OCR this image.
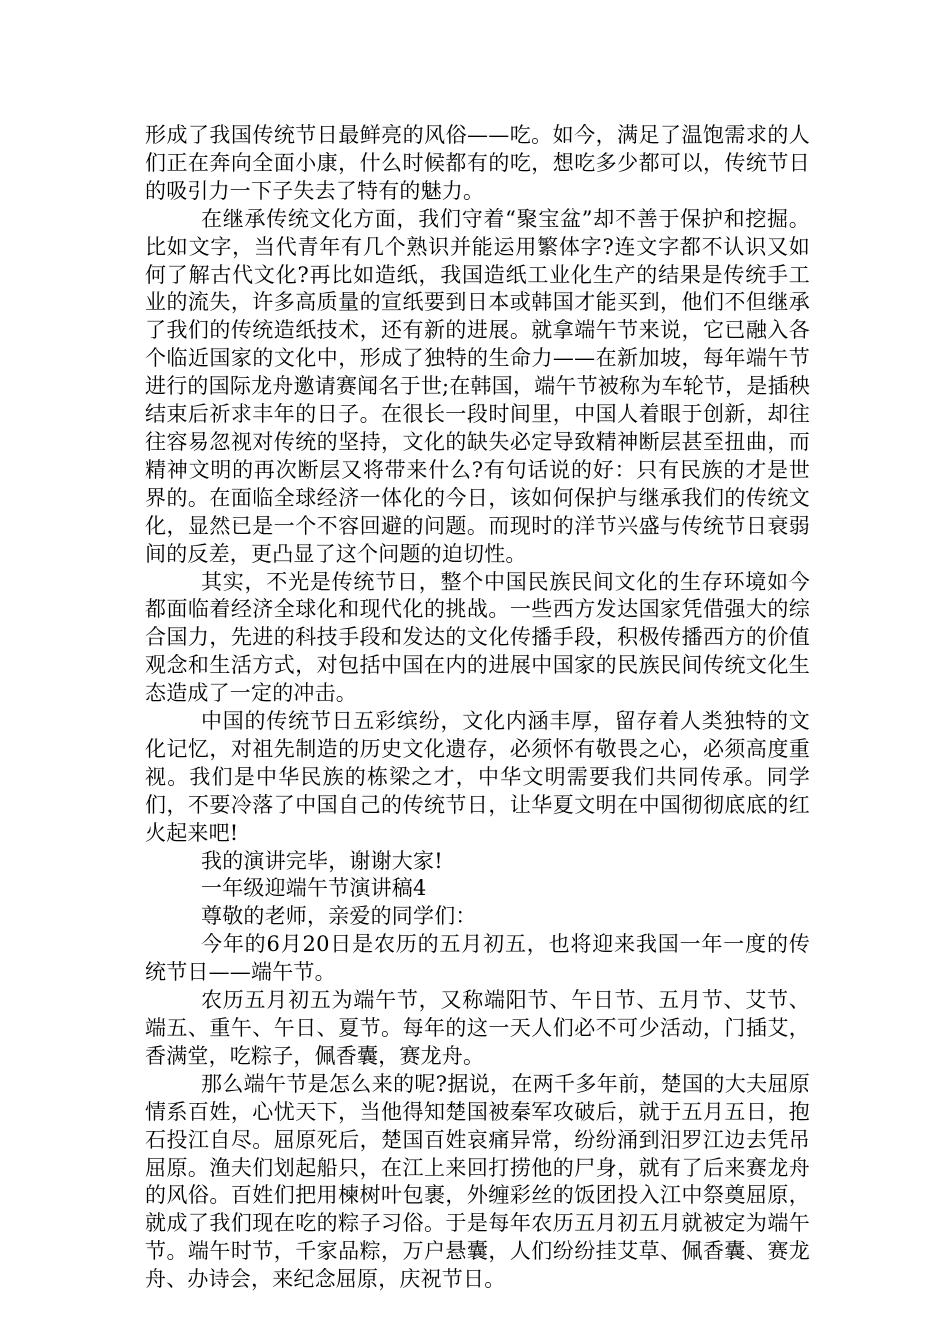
形成了我国传统节日最鲜亮的风俗——吃。如今，满足了温饱需求的人们正在奔向全面小康，什么时候都有的吃，想吃多少都可以，传统节日的吸引力一下子失去了特有的魅力。

在继承传统文化方面，我们守着“聚宝盆”却不善于保护和挖掘。比如文字，当代青年有几个熟识并能运用繁体字?连文字都不认识又如何了解古代文化?再比如造纸，我国造纸工业化生产的结果是传统手工业的流失，许多高质量的宣纸要到日本或韩国才能买到，他们不但继承了我们的传统造纸技术，还有新的进展。就拿端午节来说，它已融入各个临近国家的文化中，形成了独特的生命力——在新加坡，每年端午节进行的国际龙舟邀请赛闻名于世;在韩国，端午节被称为车轮节，是插秧结束后祈求丰年的日子。在很长一段时间里，中国人着眼于创新，却往往容易忽视对传统的坚持，文化的缺失必定导致精神断层甚至扭曲，而精神文明的再次断层又将带来什么?有句话说的好：只有民族的才是世界的。在面临全球经济一体化的今日，该如何保护与继承我们的传统文化，显然已是一个不容回避的问题。而现时的洋节兴盛与传统节日衰弱间的反差，更凸显了这个问题的迫切性。

其实，不光是传统节日，整个中国民族民间文化的生存环境如今都面临着经济全球化和现代化的挑战。一些西方发达国家凭借强大的综合国力，先进的科技手段和发达的文化传播手段，积极传播西方的价值观念和生活方式，对包括中国在内的进展中国家的民族民间传统文化生态造成了一定的冲击。

中国的传统节日五彩缤纷，文化内涵丰厚，留存着人类独特的文化记忆，对祖先制造的历史文化遗存，必须怀有敬畏之心，必须高度重视。我们是中华民族的栋梁之才，中华文明需要我们共同传承。同学们，不要冷落了中国自己的传统节日，让华夏文明在中国彻彻底底的红火起来吧!

我的演讲完毕，谢谢大家!

一年级迎端午节演讲稿4

尊敬的老师，亲爱的同学们：

今年的6月20日是农历的五月初五，也将迎来我国一年一度的传统节日——端午节。

农历五月初五为端午节，又称端阳节、午日节、五月节、艾节、端五、重午、午日、夏节。每年的这一天人们必不可少活动，门插艾，香满堂，吃粽子，佩香囊，赛龙舟。

那么端午节是怎么来的呢?据说，在两千多年前，楚国的大夫屈原情系百姓，心忧天下，当他得知楚国被秦军攻破后，就于五月五日，抱石投江自尽。屈原死后，楚国百姓哀痛异常，纷纷涌到汨罗江边去凭吊屈原。渔夫们划起船只，在江上来回打捞他的尸身，就有了后来赛龙舟的风俗。百姓们把用楝树叶包裹，外缠彩丝的饭团投入江中祭奠屈原，就成了我们现在吃的粽子习俗。于是每年农历五月初五月就被定为端午节。端午时节，千家品粽，万户悬囊，人们纷纷挂艾草、佩香囊、赛龙舟、办诗会，来纪念屈原，庆祝节日。
